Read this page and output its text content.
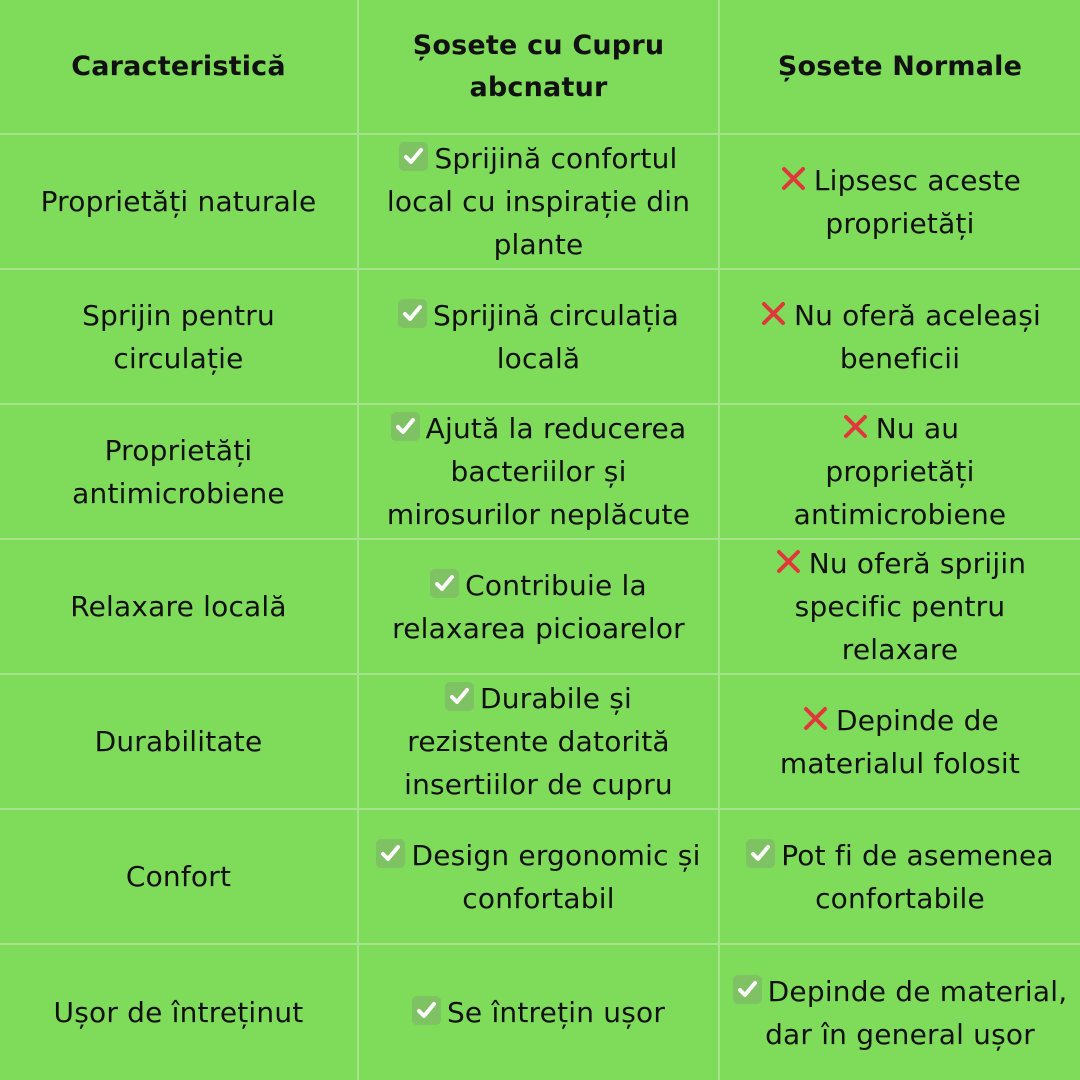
Caracteristică
Șosete cu Cupru abcnatur
Șosete Normale
Proprietăți naturale
Sprijină confortul local cu inspirație din plante
Lipsesc aceste proprietăți
Sprijin pentru circulație
Sprijină circulația locală
Nu oferă aceleași beneficii
Proprietăți antimicrobiene
Ajută la reducerea bacteriilor și mirosurilor neplăcute
Nu au proprietăți antimicrobiene
Relaxare locală
Contribuie la relaxarea picioarelor
Nu oferă sprijin specific pentru relaxare
Durabilitate
Durabile și rezistente datorită insertiilor de cupru
Depinde de materialul folosit
Confort
Design ergonomic și confortabil
Pot fi de asemenea confortabile
Ușor de întreținut	Se întrețin ușor
Depinde de material, dar în general ușor
